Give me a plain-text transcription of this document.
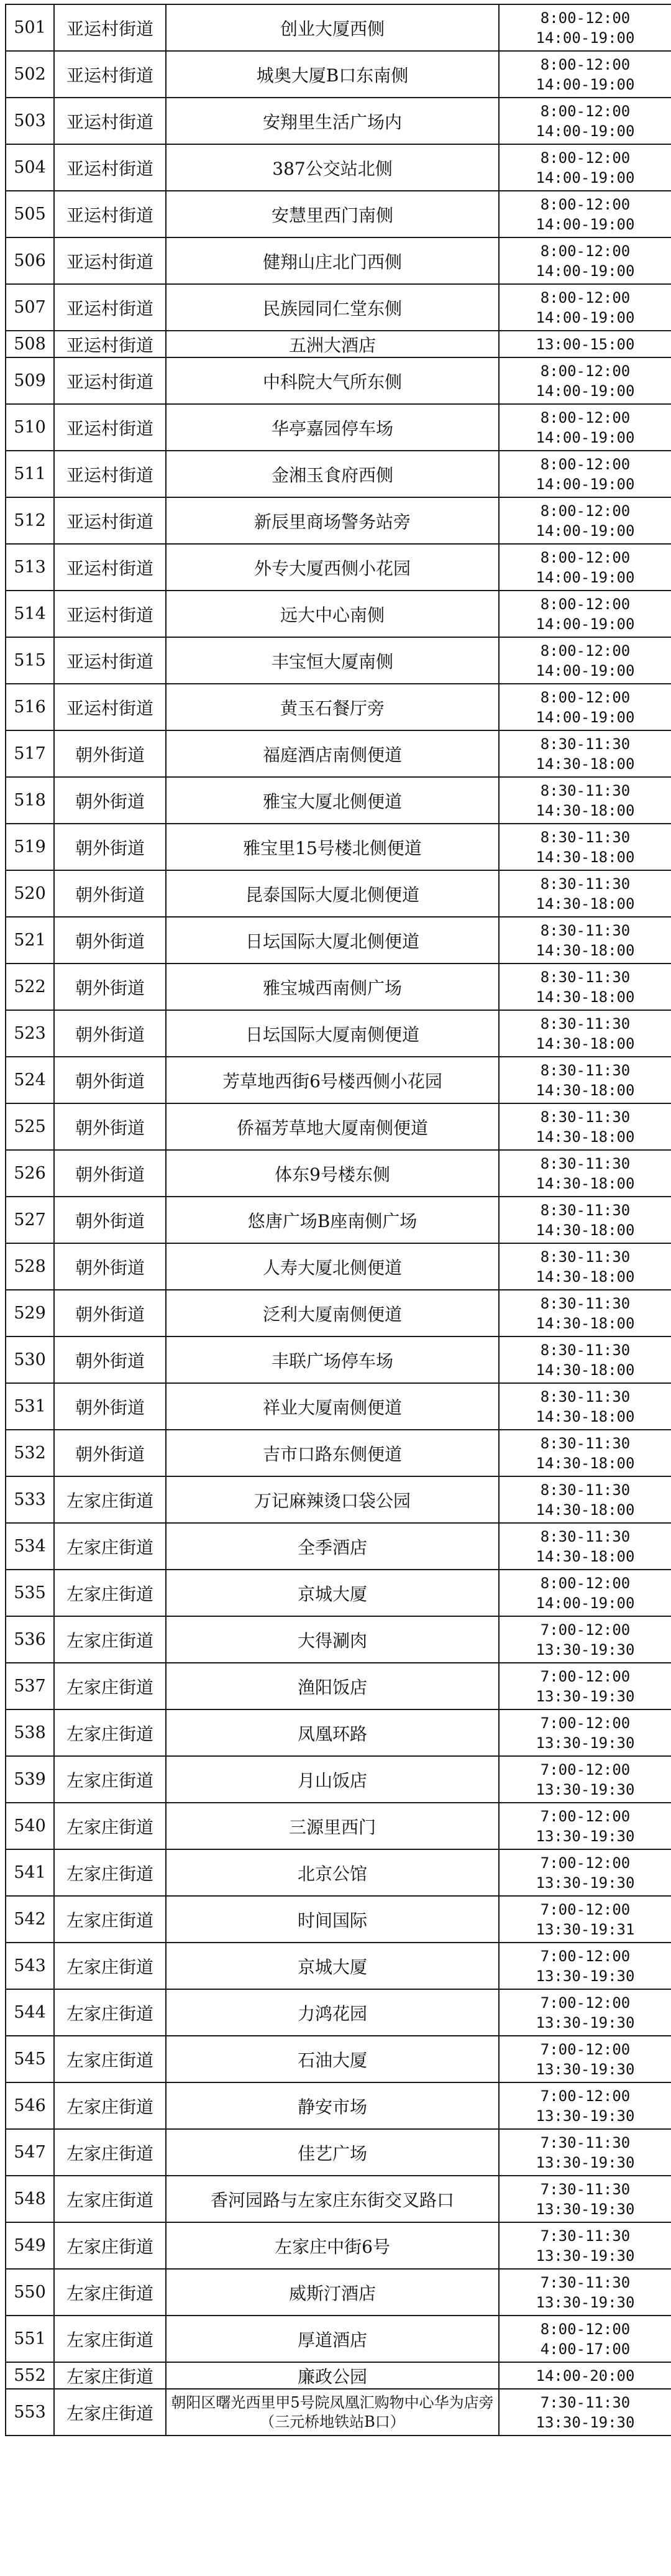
501	亚运村街道	创业大厦西侧	8:00-12:00
14:00-19:00

502	亚运村街道	城奥大厦B口东南侧	8:00-12:00
14:00-19:00

503	亚运村街道	安翔里生活广场内	8:00-12:00
14:00-19:00

504	亚运村街道	387公交站北侧	8:00-12:00
14:00-19:00

505	亚运村街道	安慧里西门南侧	8:00-12:00
14:00-19:00

506	亚运村街道	健翔山庄北门西侧	8:00-12:00
14:00-19:00

507	亚运村街道	民族园同仁堂东侧	8:00-12:00
14:00-19:00

508	亚运村街道	五洲大酒店	13:00-15:00

509	亚运村街道	中科院大气所东侧	8:00-12:00
14:00-19:00

510	亚运村街道	华亭嘉园停车场	8:00-12:00
14:00-19:00

511	亚运村街道	金湘玉食府西侧	8:00-12:00
14:00-19:00

512	亚运村街道	新辰里商场警务站旁	8:00-12:00
14:00-19:00

513	亚运村街道	外专大厦西侧小花园	8:00-12:00
14:00-19:00

514	亚运村街道	远大中心南侧	8:00-12:00
14:00-19:00

515	亚运村街道	丰宝恒大厦南侧	8:00-12:00
14:00-19:00

516	亚运村街道	黄玉石餐厅旁	8:00-12:00
14:00-19:00

517	朝外街道	福庭酒店南侧便道	8:30-11:30
14:30-18:00

518	朝外街道	雅宝大厦北侧便道	8:30-11:30
14:30-18:00

519	朝外街道	雅宝里15号楼北侧便道	8:30-11:30
14:30-18:00

520	朝外街道	昆泰国际大厦北侧便道	8:30-11:30
14:30-18:00

521	朝外街道	日坛国际大厦北侧便道	8:30-11:30
14:30-18:00

522	朝外街道	雅宝城西南侧广场	8:30-11:30
14:30-18:00

523	朝外街道	日坛国际大厦南侧便道	8:30-11:30
14:30-18:00

524	朝外街道	芳草地西街6号楼西侧小花园	8:30-11:30
14:30-18:00

525	朝外街道	侨福芳草地大厦南侧便道	8:30-11:30
14:30-18:00

526	朝外街道	体东9号楼东侧	8:30-11:30
14:30-18:00

527	朝外街道	悠唐广场B座南侧广场	8:30-11:30
14:30-18:00

528	朝外街道	人寿大厦北侧便道	8:30-11:30
14:30-18:00

529	朝外街道	泛利大厦南侧便道	8:30-11:30
14:30-18:00

530	朝外街道	丰联广场停车场	8:30-11:30
14:30-18:00

531	朝外街道	祥业大厦南侧便道	8:30-11:30
14:30-18:00

532	朝外街道	吉市口路东侧便道	8:30-11:30
14:30-18:00

533	左家庄街道	万记麻辣烫口袋公园	8:30-11:30
14:30-18:00

534	左家庄街道	全季酒店	8:30-11:30
14:30-18:00

535	左家庄街道	京城大厦	8:00-12:00
14:00-19:00

536	左家庄街道	大得涮肉	7:00-12:00
13:30-19:30

537	左家庄街道	渔阳饭店	7:00-12:00
13:30-19:30

538	左家庄街道	凤凰环路	7:00-12:00
13:30-19:30

539	左家庄街道	月山饭店	7:00-12:00
13:30-19:30

540	左家庄街道	三源里西门	7:00-12:00
13:30-19:30

541	左家庄街道	北京公馆	7:00-12:00
13:30-19:30

542	左家庄街道	时间国际	7:00-12:00
13:30-19:31

543	左家庄街道	京城大厦	7:00-12:00
13:30-19:30

544	左家庄街道	力鸿花园	7:00-12:00
13:30-19:30

545	左家庄街道	石油大厦	7:00-12:00
13:30-19:30

546	左家庄街道	静安市场	7:00-12:00
13:30-19:30

547	左家庄街道	佳艺广场	7:30-11:30
13:30-19:30

548	左家庄街道	香河园路与左家庄东街交叉路口	7:30-11:30
13:30-19:30

549	左家庄街道	左家庄中街6号	7:30-11:30
13:30-19:30

550	左家庄街道	威斯汀酒店	7:30-11:30
13:30-19:30

551	左家庄街道	厚道酒店	8:00-12:00
4:00-17:00

552	左家庄街道	廉政公园	14:00-20:00

553	左家庄街道	朝阳区曙光西里甲5号院凤凰汇购物中心华为店旁（三元桥地铁站B口）	7:30-11:30
13:30-19:30
